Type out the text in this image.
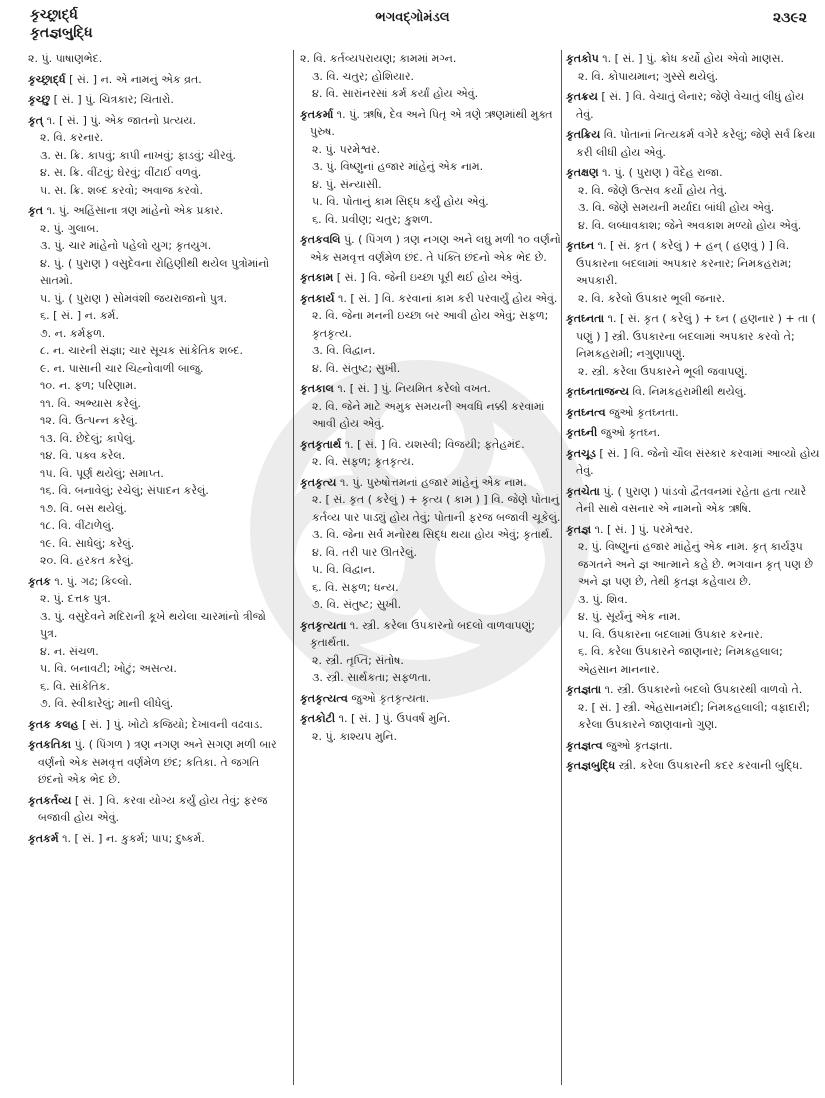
કૃચ્છ્રાર્દ્ધ
કૃતજ્ઞબુદ્ધિ
ભગવદ્ગોમંડલ	૨૩૯૨
૨. પું. પાષાણભેદ.
કૃચ્છ્રાર્દ્ધ [ સં. ] ન. એ નામનું એક વ્રત.
કૃચ્છુ [ સં. ] પું. ચિત્રકાર; ચિતારો.
કૃત્ ૧. [ સં. ] પું. એક જાતનો પ્રત્યય.
૨. વિ. કરનાર.
૩. સ. ક્રિ. કાપવું; કાપી નાખવું; ફાડવું; ચીરવું.
૪. સ. ક્રિ. વીંટવું; ઘેરવું; વીંટાઈ વળવું.
૫. સ. ક્રિ. શબ્દ કરવો; અવાજ કરવો.
કૃત ૧. પું. અહિંસાના ત્રણ માંહેનો એક પ્રકાર.
૨. પું. ગુલાબ.
૩. પું. ચાર માંહેનો પહેલો યુગ; કૃતયુગ.
૪. પું. ( પુરાણ ) વસુદેવના રોહિણીથી થયેલ પુત્રોમાંનો સાતમો.
૫. પું. ( પુરાણ ) સોમવંશી જયરાજાનો પુત્ર.
૬. [ સં. ] ન. કર્મ.
૭. ન. કર્મફળ.
૮. ન. ચારની સંજ્ઞા; ચાર સૂચક સાંકેતિક શબ્દ.
૯. ન. પાસાની ચાર ચિહ્નોવાળી બાજુ.
૧૦. ન. ફળ; પરિણામ.
૧૧. વિ. અભ્યાસ કરેલું.
૧૨. વિ. ઉત્પન્ન કરેલું.
૧૩. વિ. છેદેલું; કાપેલું.
૧૪. વિ. પક્વ કરેલ.
૧૫. વિ. પૂર્ણ થયેલું; સમાપ્ત.
૧૬. વિ. બનાવેલું; રચેલું; સંપાદન કરેલું.
૧૭. વિ. બસ થયેલું.
૧૮. વિ. વીંટાળેલું.
૧૯. વિ. સાધેલું; કરેલું.
૨૦. વિ. હરકત કરેલું.
કૃતક ૧. પું. ગઢ; કિલ્લો.
૨. પું. દત્તક પુત્ર.
૩. પું. વસુદેવને મદિરાની કૂખે થયેલા ચારમાંનો ત્રીજો પુત્ર.
૪. ન. સંચળ.
૫. વિ. બનાવટી; ખોટું; અસત્ય.
૬. વિ. સાંકેતિક.
૭. વિ. સ્વીકારેલું; માની લીધેલું.
કૃતક કલહ [ સં. ] પું. ખોટો કજિયો; દેખાવની વઢવાડ.
કૃતકતિકા પું. ( પિંગળ ) ત્રણ નગણ અને સગણ મળી બાર વર્ણનો એક સમવૃત્ત વર્ણમેળ છંદ; કતિકા. તે જગતિ છંદનો એક ભેદ છે.
કૃતકર્તવ્ય [ સં. ] વિ. કરવા યોગ્ય કર્યું હોય તેવું; ફરજ બજાવી હોય એવું.
કૃતકર્મ ૧. [ સં. ] ન. કુકર્મ; પાપ; દુષ્કર્મ.
૨. વિ. કર્તવ્યપરાયણ; કામમાં મગ્ન.
૩. વિ. ચતુર; હોશિયાર.
૪. વિ. સારાંનરસાં કર્મ કર્યાં હોય એવું.
કૃતકર્મા ૧. પું. ઋષિ, દેવ અને પિતૃ એ ત્રણે ઋણમાંથી મુક્ત પુરુષ.
૨. પું. પરમેશ્વર.
૩. પું. વિષ્ણુનાં હજાર માંહેનું એક નામ.
૪. પું. સંન્યાસી.
૫. વિ. પોતાનું કામ સિદ્ધ કર્યું હોય એવું.
૬. વિ. પ્રવીણ; ચતુર; કુશળ.
કૃતકવલિ પું. ( પિંગળ ) ત્રણ નગણ અને લઘુ મળી ૧૦ વર્ણનો એક સમવૃત્ત વર્ણમેળ છંદ. તે પંક્તિ છંદનો એક ભેદ છે.
કૃતકામ [ સં. ] વિ. જેની ઇચ્છા પૂરી થઈ હોય એવું.
કૃતકાર્ય ૧. [ સં. ] વિ. કરવાનાં કામ કરી પરવાર્યું હોય એવું.
૨. વિ. જેના મનની ઇચ્છા બર આવી હોય એવું; સફળ; કૃતકૃત્ય.
૩. વિ. વિદ્વાન.
૪. વિ. સંતુષ્ટ; સુખી.
કૃતકાલ ૧. [ સં. ] પું. નિયમિત કરેલો વખત.
૨. વિ. જેને માટે અમુક સમયની અવધિ નક્કી કરવામાં આવી હોય એવું.
કૃતકૃતાર્થ ૧. [ સં. ] વિ. યશસ્વી; વિજયી; ફતેહમંદ.
૨. વિ. સફળ; કૃતકૃત્ય.
કૃતકૃત્ય ૧. પું. પુરુષોત્તમનાં હજાર માંહેનું એક નામ.
૨. [ સં. કૃત ( કરેલું ) + કૃત્ય ( કામ ) ] વિ. જેણે પોતાનું કર્તવ્ય પાર પાડ્યું હોય તેવું; પોતાની ફરજ બજાવી ચૂકેલું.
૩. વિ. જેના સર્વ મનોરથ સિદ્ધ થયા હોય એવું; કૃતાર્થ.
૪. વિ. તરી પાર ઊતરેલું.
૫. વિ. વિદ્વાન.
૬. વિ. સફળ; ધન્ય.
૭. વિ. સંતુષ્ટ; સુખી.
કૃતકૃત્યતા ૧. સ્ત્રી. કરેલા ઉપકારનો બદલો વાળવાપણું; કૃતાર્થતા.
૨. સ્ત્રી. તૃપ્તિ; સંતોષ.
૩. સ્ત્રી. સાર્થકતા; સફળતા.
કૃતકૃત્યત્વ જુઓ કૃતકૃત્યતા.
કૃતકોટી ૧. [ સં. ] પું. ઉપવર્ષ મુનિ.
૨. પું. કાશ્યપ મુનિ.
કૃતકોપ ૧. [ સં. ] પું. ક્રોધ કર્યો હોય એવો માણસ.
૨. વિ. કોપાયમાન; ગુસ્સે થયેલું.
કૃતક્રય [ સં. ] વિ. વેચાતું લેનાર; જેણે વેચાતું લીધું હોય તેવું.
કૃતક્રિય વિ. પોતાનાં નિત્યકર્મ વગેરે કરેલું; જેણે સર્વ ક્રિયા કરી લીધી હોય એવું.
કૃતક્ષણ ૧. પું. ( પુરાણ ) વૈદેહ રાજા.
૨. વિ. જેણે ઉત્સવ કર્યો હોય તેવું.
૩. વિ. જેણે સમયની મર્યાદા બાંધી હોય એવું.
૪. વિ. લબ્ધાવકાશ; જેને અવકાશ મળ્યો હોય એવું.
કૃતઘ્ન ૧. [ સં. કૃત ( કરેલું ) + હન્ ( હણવું ) ] વિ. ઉપકારના બદલામાં અપકાર કરનાર; નિમકહરામ; અપકારી.
૨. વિ. કરેલો ઉપકાર ભૂલી જનાર.
કૃતઘ્નતા ૧. [ સં. કૃત ( કરેલું ) + ઘ્ન ( હણનાર ) + તા ( પણું ) ] સ્ત્રી. ઉપકારના બદલામાં અપકાર કરવો તે; નિમકહરામી; નગુણાપણું.
૨. સ્ત્રી. કરેલા ઉપકારને ભૂલી જવાપણું.
કૃતઘ્નતાજન્ય વિ. નિમકહરામીથી થયેલું.
કૃતઘ્નત્વ જુઓ કૃતઘ્નતા.
કૃતઘ્ની જુઓ કૃતઘ્ન.
કૃતચૂડ [ સં. ] વિ. જેનો ચૌલ સંસ્કાર કરવામાં આવ્યો હોય તેવું.
કૃતચેતા પું. ( પુરાણ ) પાંડવો દ્વૈતવનમાં રહેતા હતા ત્યારે તેની સાથે વસનાર એ નામનો એક ઋષિ.
કૃતજ્ઞ ૧. [ સં. ] પું. પરમેશ્વર.
૨. પું. વિષ્ણુનાં હજાર માંહેનું એક નામ. કૃત્ કાર્યરૂપ જગતને અને જ્ઞ આત્માને કહે છે. ભગવાન કૃત્ પણ છે અને જ્ઞ પણ છે, તેથી કૃતજ્ઞ કહેવાય છે.
૩. પું. શિવ.
૪. પું. સૂર્યનું એક નામ.
૫. વિ. ઉપકારના બદલામાં ઉપકાર કરનાર.
૬. વિ. કરેલા ઉપકારને જાણનાર; નિમકહલાલ; એહસાન માનનાર.
કૃતજ્ઞતા ૧. સ્ત્રી. ઉપકારનો બદલો ઉપકારથી વાળવો તે.
૨. [ સં. ] સ્ત્રી. એહસાનમંદી; નિમકહલાલી; વફાદારી; કરેલા ઉપકારને જાણવાનો ગુણ.
કૃતજ્ઞત્વ જુઓ કૃતજ્ઞતા.
કૃતજ્ઞબુદ્ધિ સ્ત્રી. કરેલા ઉપકારની કદર કરવાની બુદ્ધિ.
